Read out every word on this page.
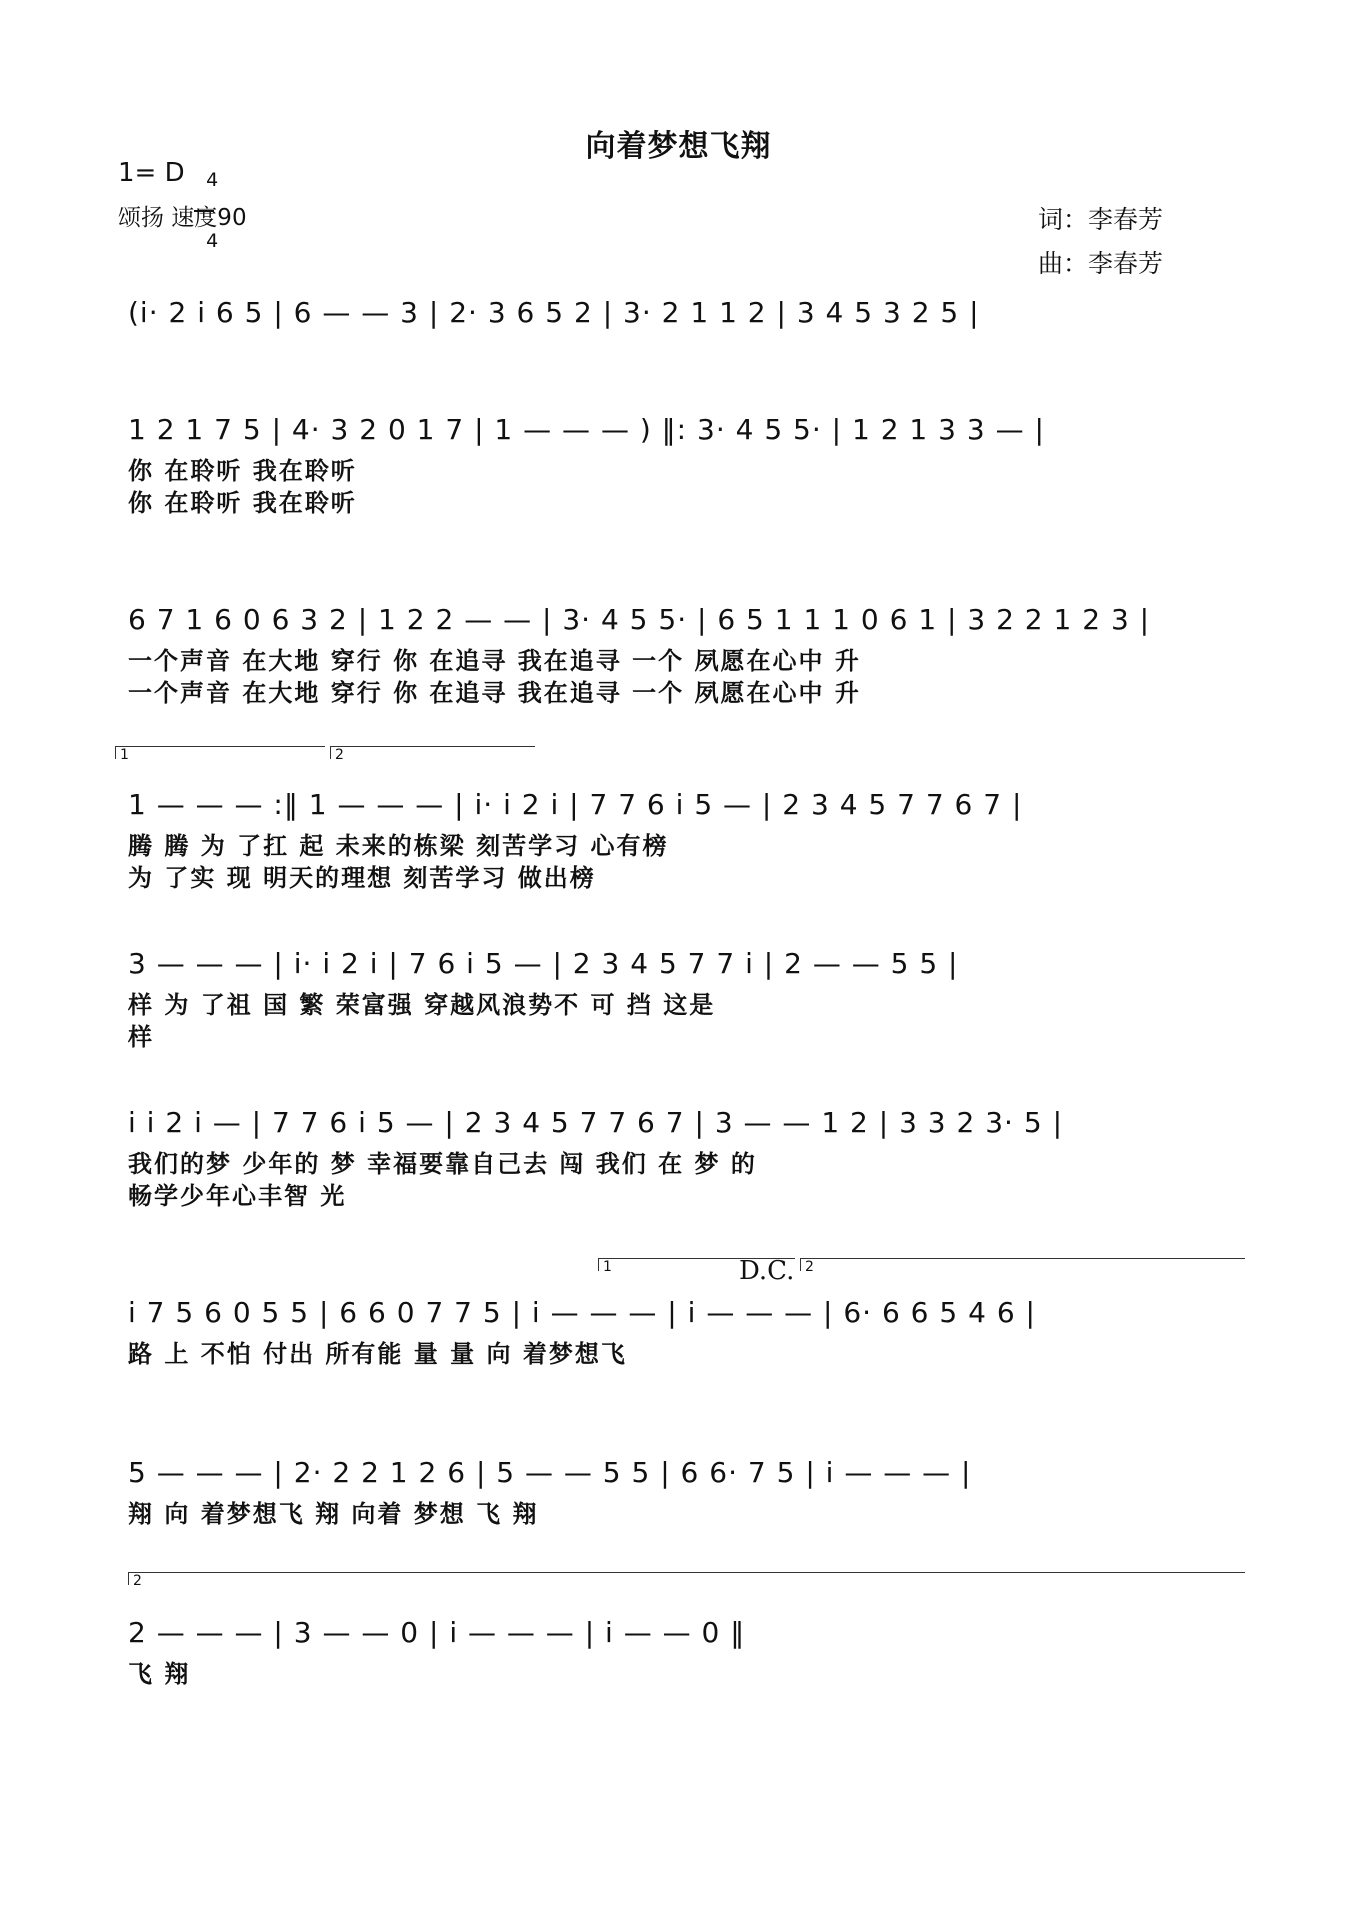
向着梦想飞翔
1= D	4

4

颂扬 速度90	词：李春芳
曲：李春芳
(i· 2 i 6 5 | 6 — — 3 | 2· 3 6 5 2 | 3· 2 1 1 2 | 3 4 5 3 2 5 |
1 2 1 7 5 | 4· 3 2 0 1 7 | 1 — — — ) ‖: 3· 4 5 5· | 1 2 1 3 3 — |
你 在聆听 我在聆听
你 在聆听 我在聆听
6 7 1 6 0 6 3 2 | 1 2 2 — — | 3· 4 5 5· | 6 5 1 1 1 0 6 1 | 3 2 2 1 2 3 |
一个声音 在大地 穿行 你 在追寻 我在追寻 一个 夙愿在心中 升
一个声音 在大地 穿行 你 在追寻 我在追寻 一个 夙愿在心中 升
1	2
1 — — — :‖ 1 — — — | i· i 2 i | 7 7 6 i 5 — | 2 3 4 5 7 7 6 7 |
腾 腾 为 了扛 起 未来的栋梁 刻苦学习 心有榜
为 了实 现 明天的理想 刻苦学习 做出榜
3 — — — | i· i 2 i | 7 6 i 5 — | 2 3 4 5 7 7 i | 2 — — 5 5 |
样 为 了祖 国 繁 荣富强 穿越风浪势不 可 挡 这是
样
i i 2 i — | 7 7 6 i 5 — | 2 3 4 5 7 7 6 7 | 3 — — 1 2 | 3 3 2 3· 5 |
我们的梦 少年的 梦 幸福要靠自己去 闯 我们 在 梦 的
畅学少年心丰智 光
1	2
D.C.
i 7 5 6 0 5 5 | 6 6 0 7 7 5 | i — — — | i — — — | 6· 6 6 5 4 6 |
路 上 不怕 付出 所有能 量 量 向 着梦想飞
5 — — — | 2· 2 2 1 2 6 | 5 — — 5 5 | 6 6· 7 5 | i — — — |
翔 向 着梦想飞 翔 向着 梦想 飞 翔
2
2 — — — | 3 — — 0 | i — — — | i — — 0 ‖
飞 翔
